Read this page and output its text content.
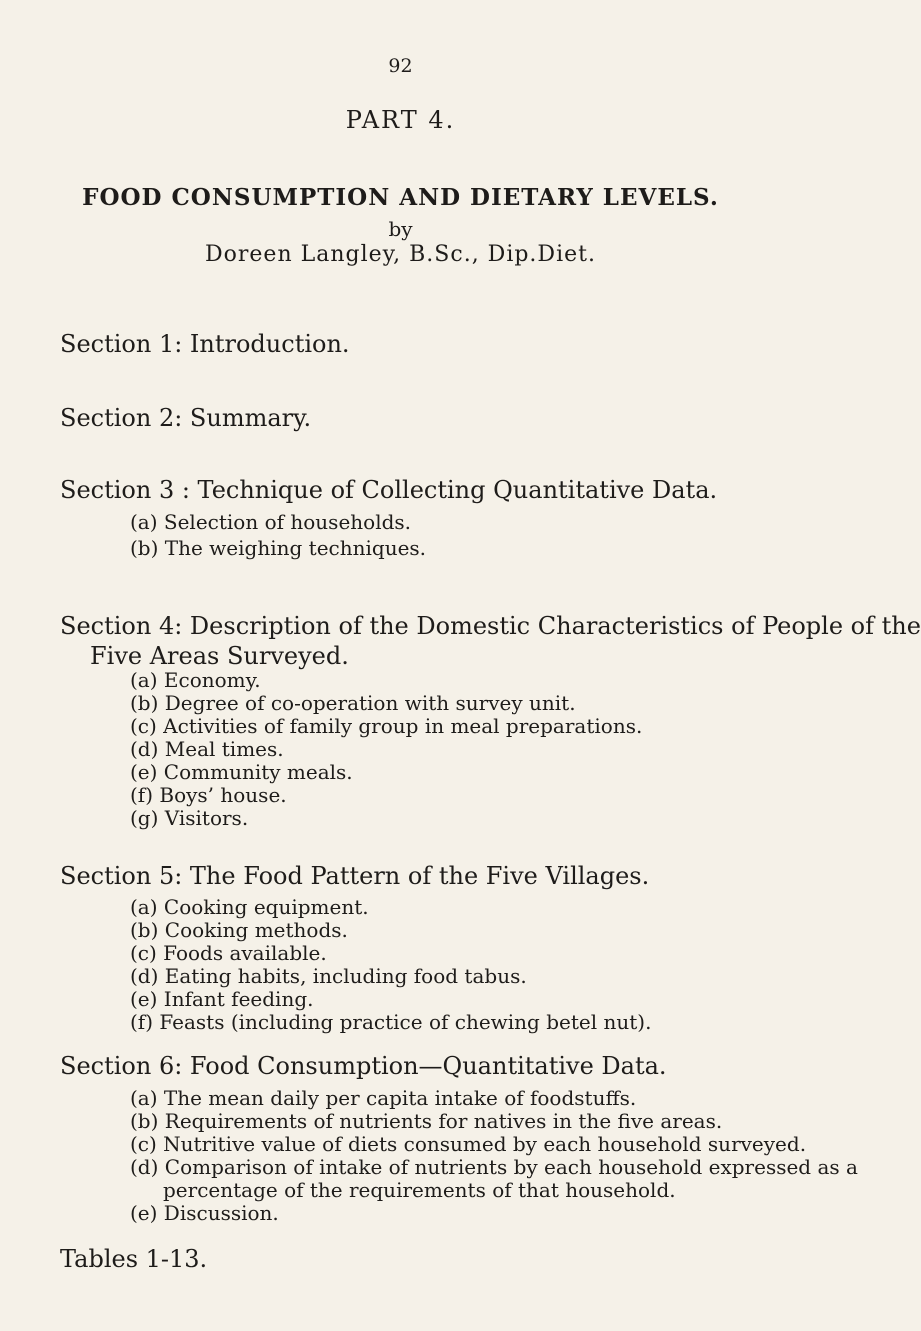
92
PART 4.
FOOD CONSUMPTION AND DIETARY LEVELS.
by
Doreen Langley, B.Sc., Dip.Diet.
Section 1: Introduction.
Section 2: Summary.
Section 3 : Technique of Collecting Quantitative Data.
(a) Selection of households.
(b) The weighing techniques.
Section 4: Description of the Domestic Characteristics of People of the
Five Areas Surveyed.
(a) Economy.
(b) Degree of co-operation with survey unit.
(c) Activities of family group in meal preparations.
(d) Meal times.
(e) Community meals.
(f) Boys’ house.
(g) Visitors.
Section 5: The Food Pattern of the Five Villages.
(a) Cooking equipment.
(b) Cooking methods.
(c) Foods available.
(d) Eating habits, including food tabus.
(e) Infant feeding.
(f) Feasts (including practice of chewing betel nut).
Section 6: Food Consumption—Quantitative Data.
Tables 1-13.
(a) The mean daily per capita intake of foodstuffs.
(b) Requirements of nutrients for natives in the five areas.
(c) Nutritive value of diets consumed by each household surveyed.
(d) Comparison of intake of nutrients by each household expressed as a
percentage of the requirements of that household.
(e) Discussion.
